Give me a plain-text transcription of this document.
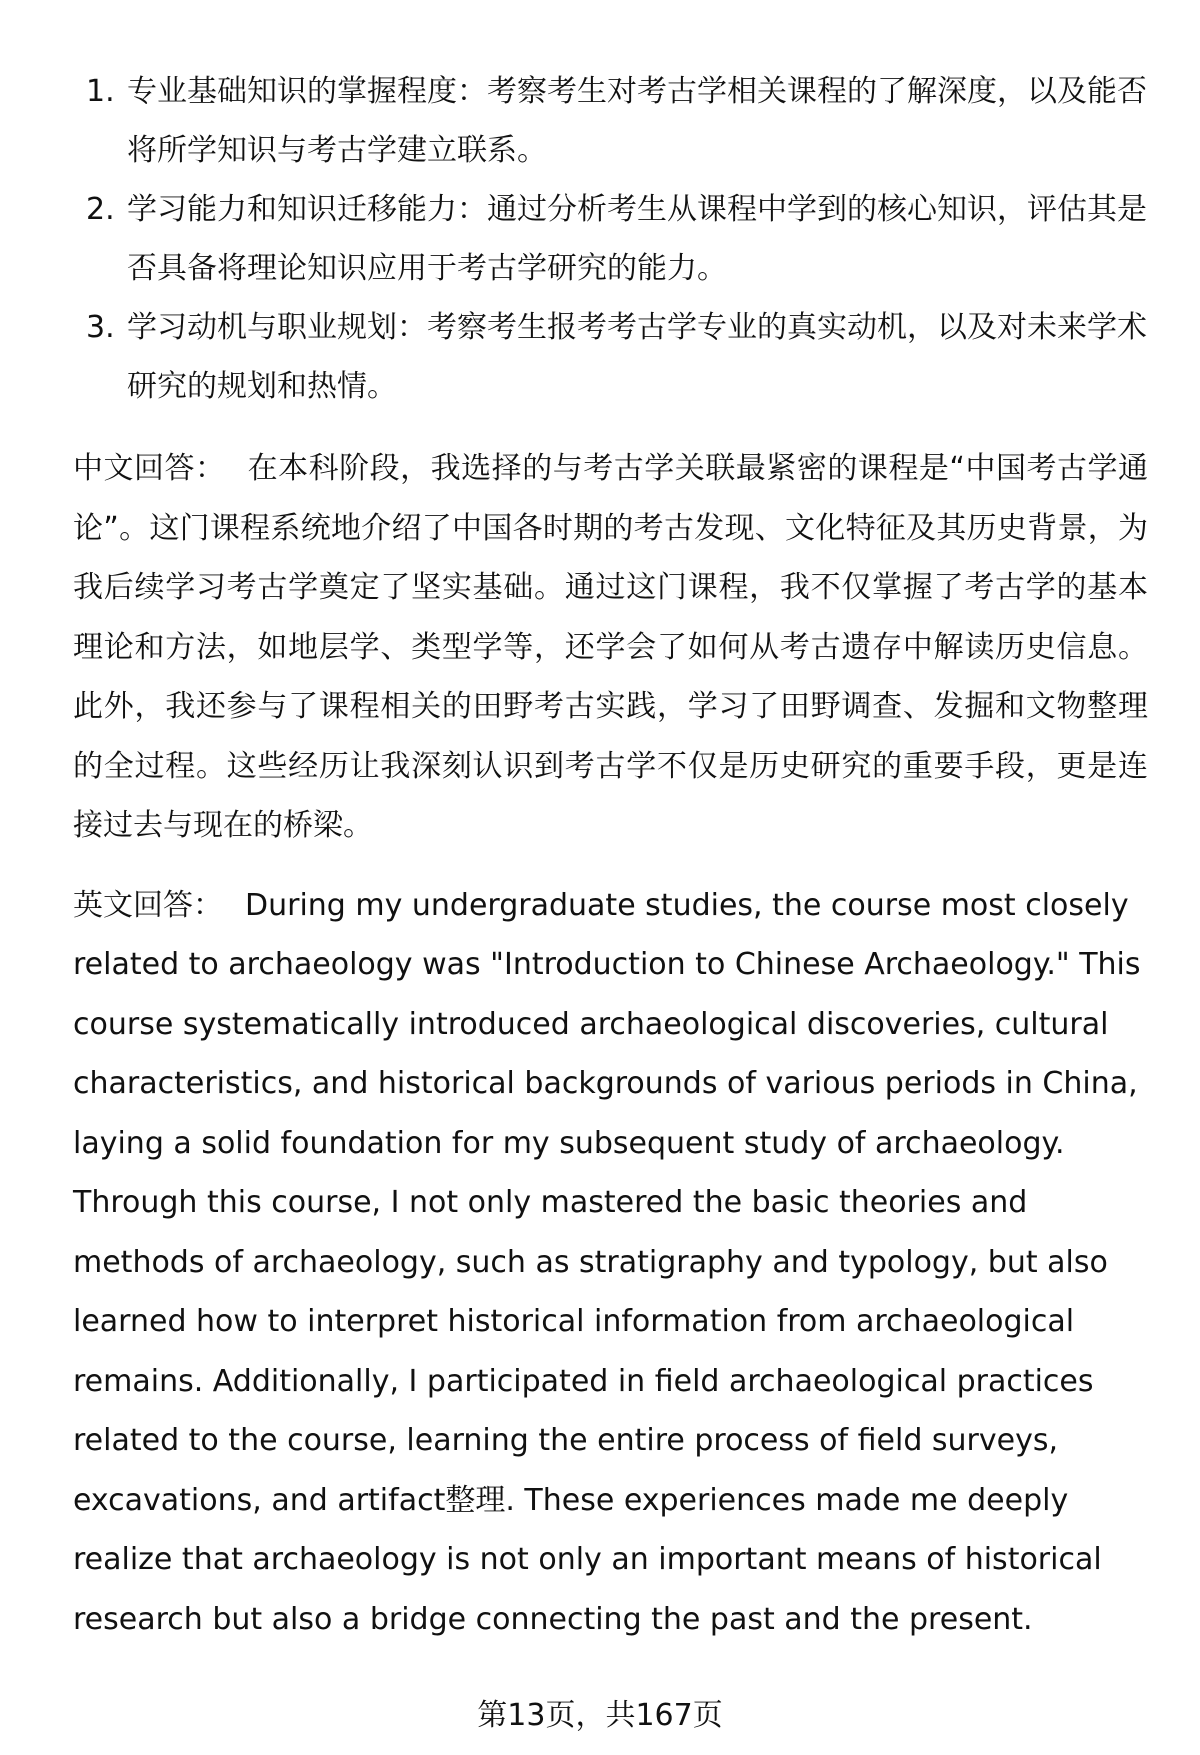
1. 专业基础知识的掌握程度：考察考生对考古学相关课程的了解深度，以及能否将所学知识与考古学建立联系。
2. 学习能力和知识迁移能力：通过分析考生从课程中学到的核心知识，评估其是否具备将理论知识应用于考古学研究的能力。
3. 学习动机与职业规划：考察考生报考考古学专业的真实动机，以及对未来学术研究的规划和热情。

中文回答： 在本科阶段，我选择的与考古学关联最紧密的课程是“中国考古学通论”。这门课程系统地介绍了中国各时期的考古发现、文化特征及其历史背景，为我后续学习考古学奠定了坚实基础。通过这门课程，我不仅掌握了考古学的基本理论和方法，如地层学、类型学等，还学会了如何从考古遗存中解读历史信息。此外，我还参与了课程相关的田野考古实践，学习了田野调查、发掘和文物整理的全过程。这些经历让我深刻认识到考古学不仅是历史研究的重要手段，更是连接过去与现在的桥梁。

英文回答： During my undergraduate studies, the course most closely related to archaeology was "Introduction to Chinese Archaeology." This course systematically introduced archaeological discoveries, cultural characteristics, and historical backgrounds of various periods in China, laying a solid foundation for my subsequent study of archaeology. Through this course, I not only mastered the basic theories and methods of archaeology, such as stratigraphy and typology, but also learned how to interpret historical information from archaeological remains. Additionally, I participated in field archaeological practices related to the course, learning the entire process of field surveys, excavations, and artifact整理. These experiences made me deeply realize that archaeology is not only an important means of historical research but also a bridge connecting the past and the present.

第13页，共167页
